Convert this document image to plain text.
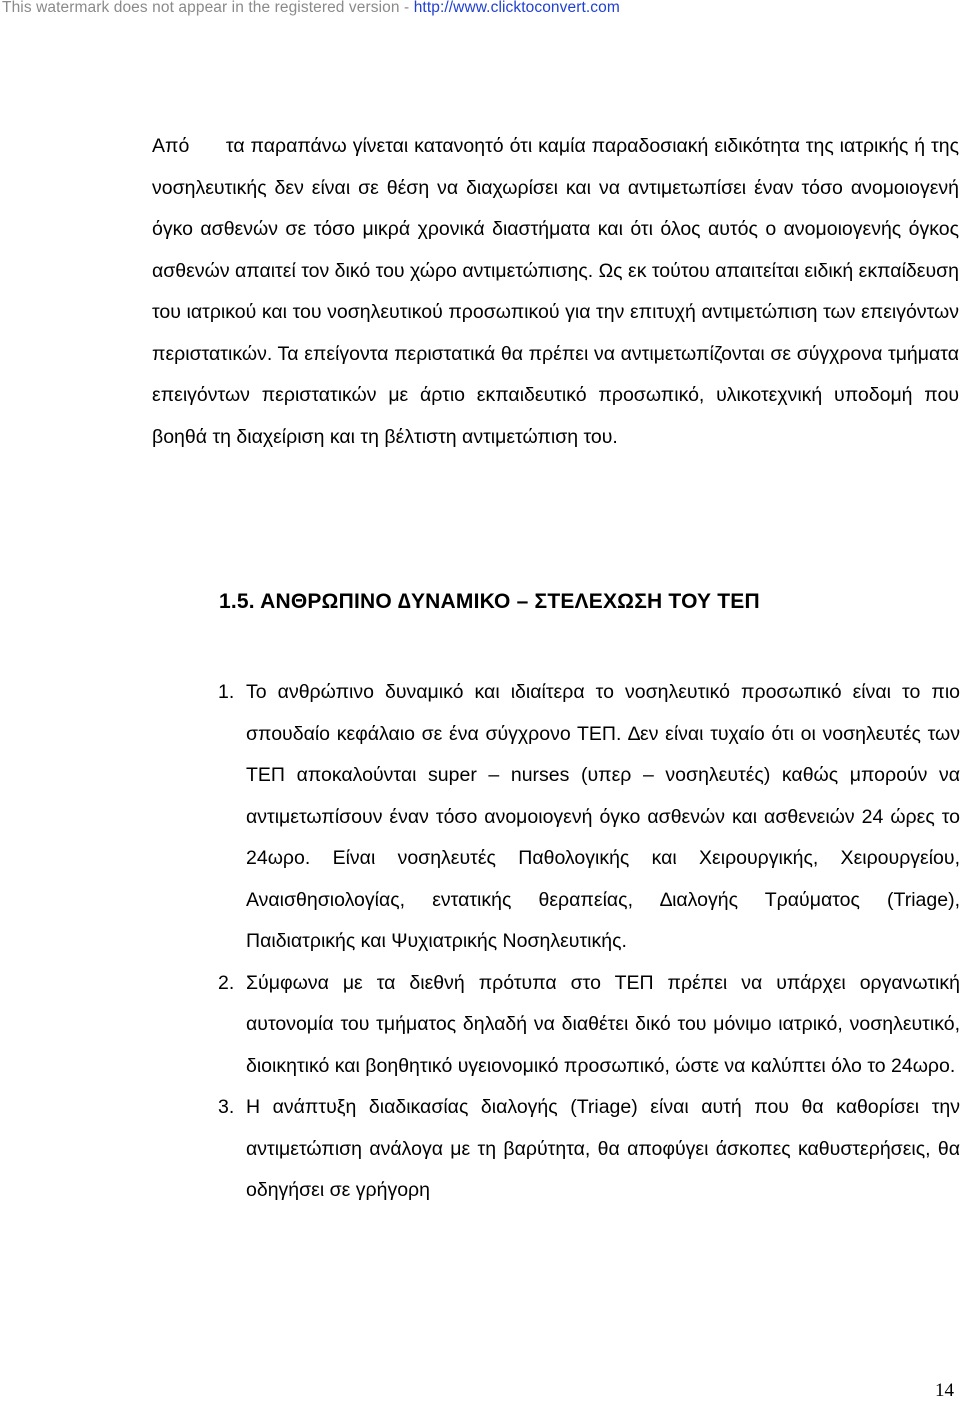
This watermark does not appear in the registered version - http://www.clicktoconvert.com

Από τα παραπάνω γίνεται κατανοητό ότι καμία παραδοσιακή ειδικότητα της ιατρικής ή της νοσηλευτικής δεν είναι σε θέση να διαχωρίσει και να αντιμετωπίσει έναν τόσο ανομοιογενή όγκο ασθενών σε τόσο μικρά χρονικά διαστήματα και ότι όλος αυτός ο ανομοιογενής όγκος ασθενών απαιτεί τον δικό του χώρο αντιμετώπισης. Ως εκ τούτου απαιτείται ειδική εκπαίδευση του ιατρικού και του νοσηλευτικού προσωπικού για την επιτυχή αντιμετώπιση των επειγόντων περιστατικών. Τα επείγοντα περιστατικά θα πρέπει να αντιμετωπίζονται σε σύγχρονα τμήματα επειγόντων περιστατικών με άρτιο εκπαιδευτικό προσωπικό, υλικοτεχνική υποδομή που βοηθά τη διαχείριση και τη βέλτιστη αντιμετώπιση του.

1.5. ΑΝΘΡΩΠΙΝΟ ∆ΥΝΑΜΙΚΟ – ΣΤΕΛΕΧΩΣΗ ΤΟΥ ΤΕΠ
1. Το ανθρώπινο δυναμικό και ιδιαίτερα το νοσηλευτικό προσωπικό είναι το πιο σπουδαίο κεφάλαιο σε ένα σύγχρονο ΤΕΠ. ∆εν είναι τυχαίο ότι οι νοσηλευτές των ΤΕΠ αποκαλούνται super – nurses (υπερ – νοσηλευτές) καθώς μπορούν να αντιμετωπίσουν έναν τόσο ανομοιογενή όγκο ασθενών και ασθενειών 24 ώρες το 24ωρο. Είναι νοσηλευτές Παθολογικής και Χειρουργικής, Χειρουργείου, Αναισθησιολογίας, εντατικής θεραπείας, ∆ιαλογής Τραύματος (Triage), Παιδιατρικής και Ψυχιατρικής Νοσηλευτικής.
2. Σύμφωνα με τα διεθνή πρότυπα στο ΤΕΠ πρέπει να υπάρχει οργανωτική αυτονομία του τμήματος δηλαδή να διαθέτει δικό του μόνιμο ιατρικό, νοσηλευτικό, διοικητικό και βοηθητικό υγειονομικό προσωπικό, ώστε να καλύπτει όλο το 24ωρο.
3. Η ανάπτυξη διαδικασίας διαλογής (Triage) είναι αυτή που θα καθορίσει την αντιμετώπιση ανάλογα με τη βαρύτητα, θα αποφύγει άσκοπες καθυστερήσεις, θα οδηγήσει σε γρήγορη
14
